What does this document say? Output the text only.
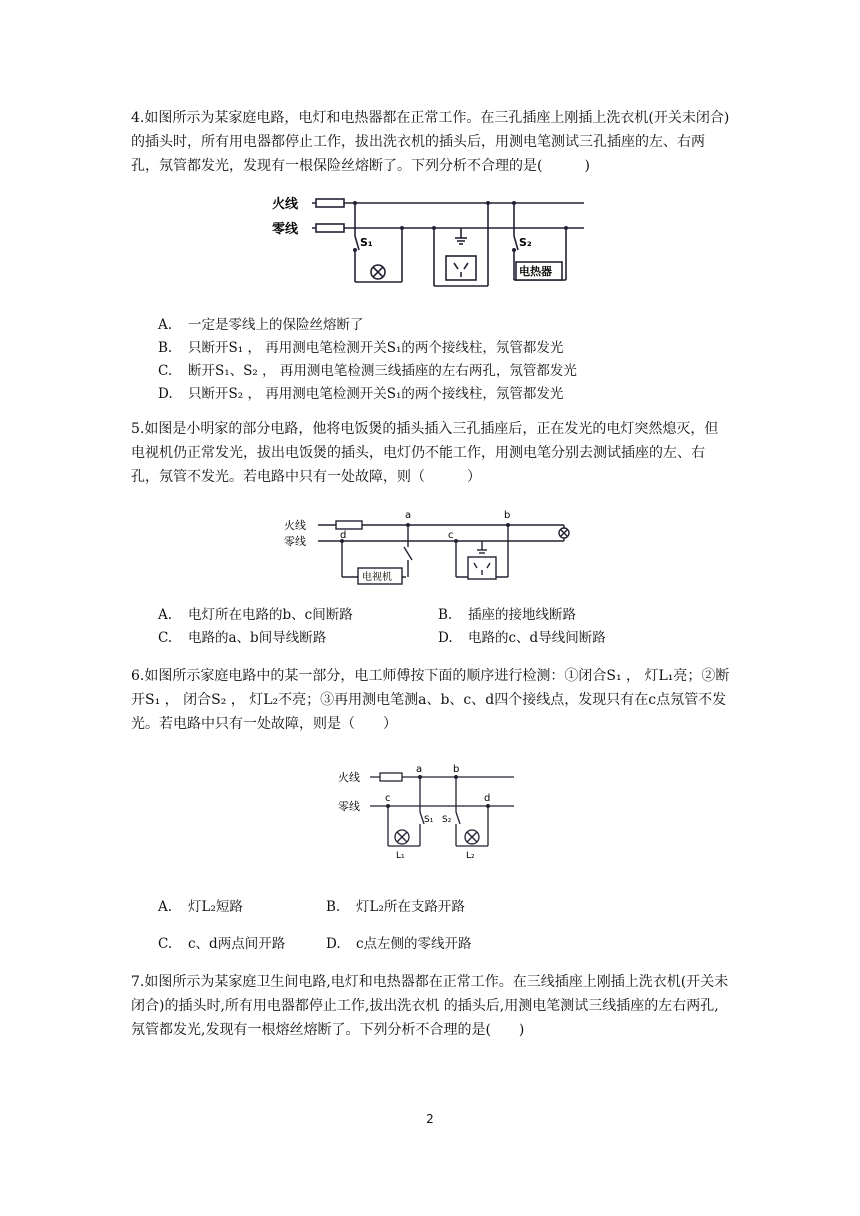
4.如图所示为某家庭电路，电灯和电热器都在正常工作。在三孔插座上刚插上洗衣机(开关未闭合)的插头时，所有用电器都停止工作，拔出洗衣机的插头后，用测电笔测试三孔插座的左、右两孔，氖管都发光，发现有一根保险丝熔断了。下列分析不合理的是(　　　)

火线
零线
S₁	S₂
电热器
A. 一定是零线上的保险丝熔断了
B. 只断开S₁ ， 再用测电笔检测开关S₁的两个接线柱，氖管都发光
C. 断开S₁、S₂ ， 再用测电笔检测三线插座的左右两孔，氖管都发光
D. 只断开S₂ ， 再用测电笔检测开关S₁的两个接线柱，氖管都发光

5.如图是小明家的部分电路，他将电饭煲的插头插入三孔插座后，正在发光的电灯突然熄灭，但电视机仍正常发光，拔出电饭煲的插头，电灯仍不能工作，用测电笔分别去测试插座的左、右孔，氖管不发光。若电路中只有一处故障，则（　　　）

火线
零线
a	b
c
d
电视机
A. 电灯所在电路的b、c间断路	B. 插座的接地线断路
C. 电路的a、b间导线断路	D. 电路的c、d导线间断路

6.如图所示家庭电路中的某一部分，电工师傅按下面的顺序进行检测：①闭合S₁ ， 灯L₁亮；②断开S₁ ， 闭合S₂ ， 灯L₂不亮；③再用测电笔测a、b、c、d四个接线点，发现只有在c点氖管不发光。若电路中只有一处故障，则是（　　）

火线
零线
a	b
c	d
S₁ S₂
L₁	L₂
A. 灯L₂短路	B. 灯L₂所在支路开路
C. c、d两点间开路	D. c点左侧的零线开路

7.如图所示为某家庭卫生间电路,电灯和电热器都在正常工作。在三线插座上刚插上洗衣机(开关未闭合)的插头时,所有用电器都停止工作,拔出洗衣机 的插头后,用测电笔测试三线插座的左右两孔,氖管都发光,发现有一根熔丝熔断了。下列分析不合理的是(　　)

2
